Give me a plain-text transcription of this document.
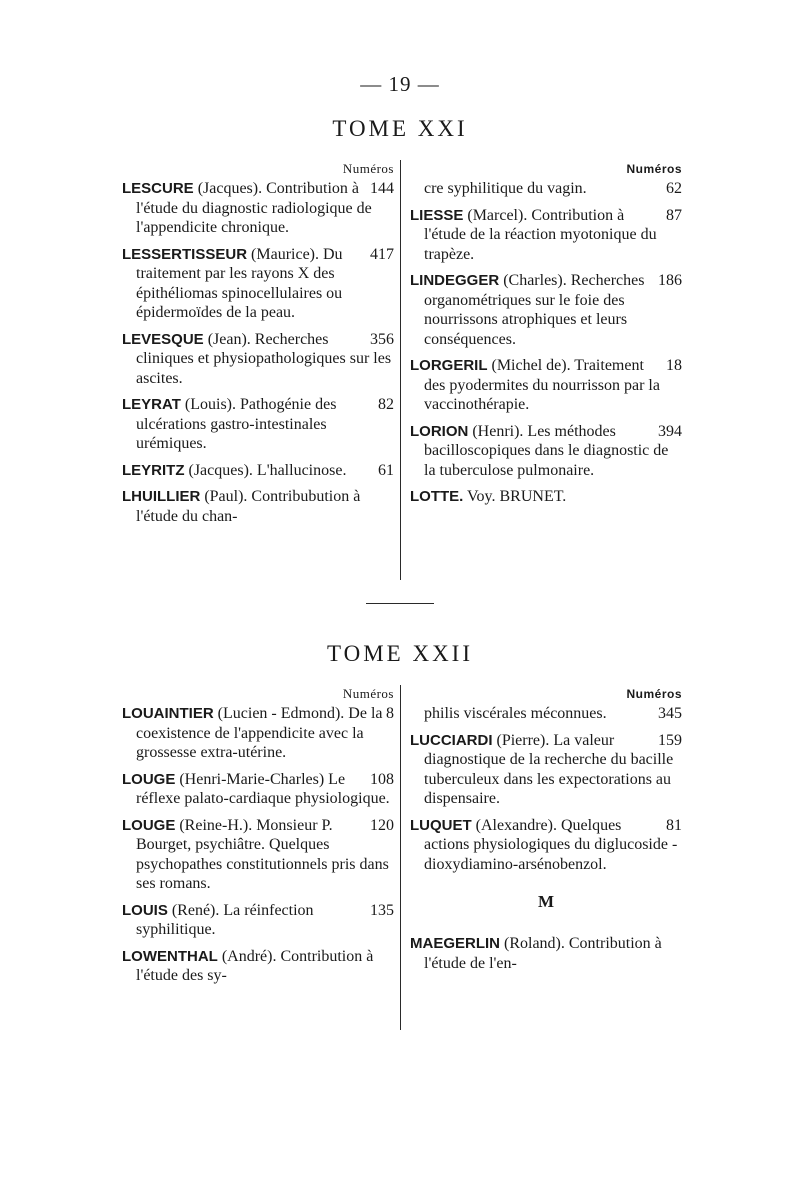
— 19 —
TOME XXI
Numéros
144
LESCURE (Jacques). Contribution à l'étude du diagnostic radiologique de l'appendicite chronique.
417
LESSERTISSEUR (Maurice). Du traitement par les rayons X des épithéliomas spinocellulaires ou épidermoïdes de la peau.
356
LEVESQUE (Jean). Recherches cliniques et physiopathologiques sur les ascites.
82
LEYRAT (Louis). Pathogénie des ulcérations gastro-intestinales urémiques.
61
LEYRITZ (Jacques). L'hallucinose.
LHUILLIER (Paul). Contribubution à l'étude du chan-
Numéros
62
cre syphilitique du vagin.
87
LIESSE (Marcel). Contribution à l'étude de la réaction myotonique du trapèze.
186
LINDEGGER (Charles). Recherches organométriques sur le foie des nourrissons atrophiques et leurs conséquences.
18
LORGERIL (Michel de). Traitement des pyodermites du nourrisson par la vaccinothérapie.
394
LORION (Henri). Les méthodes bacilloscopiques dans le diagnostic de la tuberculose pulmonaire.
LOTTE. Voy. BRUNET.
TOME XXII
Numéros
8
LOUAINTIER (Lucien - Edmond). De la coexistence de l'appendicite avec la grossesse extra-utérine.
108
LOUGE (Henri-Marie-Charles) Le réflexe palato-cardiaque physiologique.
120
LOUGE (Reine-H.). Monsieur P. Bourget, psychiâtre. Quelques psychopathes constitutionnels pris dans ses romans.
135
LOUIS (René). La réinfection syphilitique.
LOWENTHAL (André). Contribution à l'étude des sy-
Numéros
345
philis viscérales méconnues.
159
LUCCIARDI (Pierre). La valeur diagnostique de la recherche du bacille tuberculeux dans les expectorations au dispensaire.
81
LUQUET (Alexandre). Quelques actions physiologiques du diglucoside - dioxydiamino-arsénobenzol.
M
MAEGERLIN (Roland). Contribution à l'étude de l'en-
